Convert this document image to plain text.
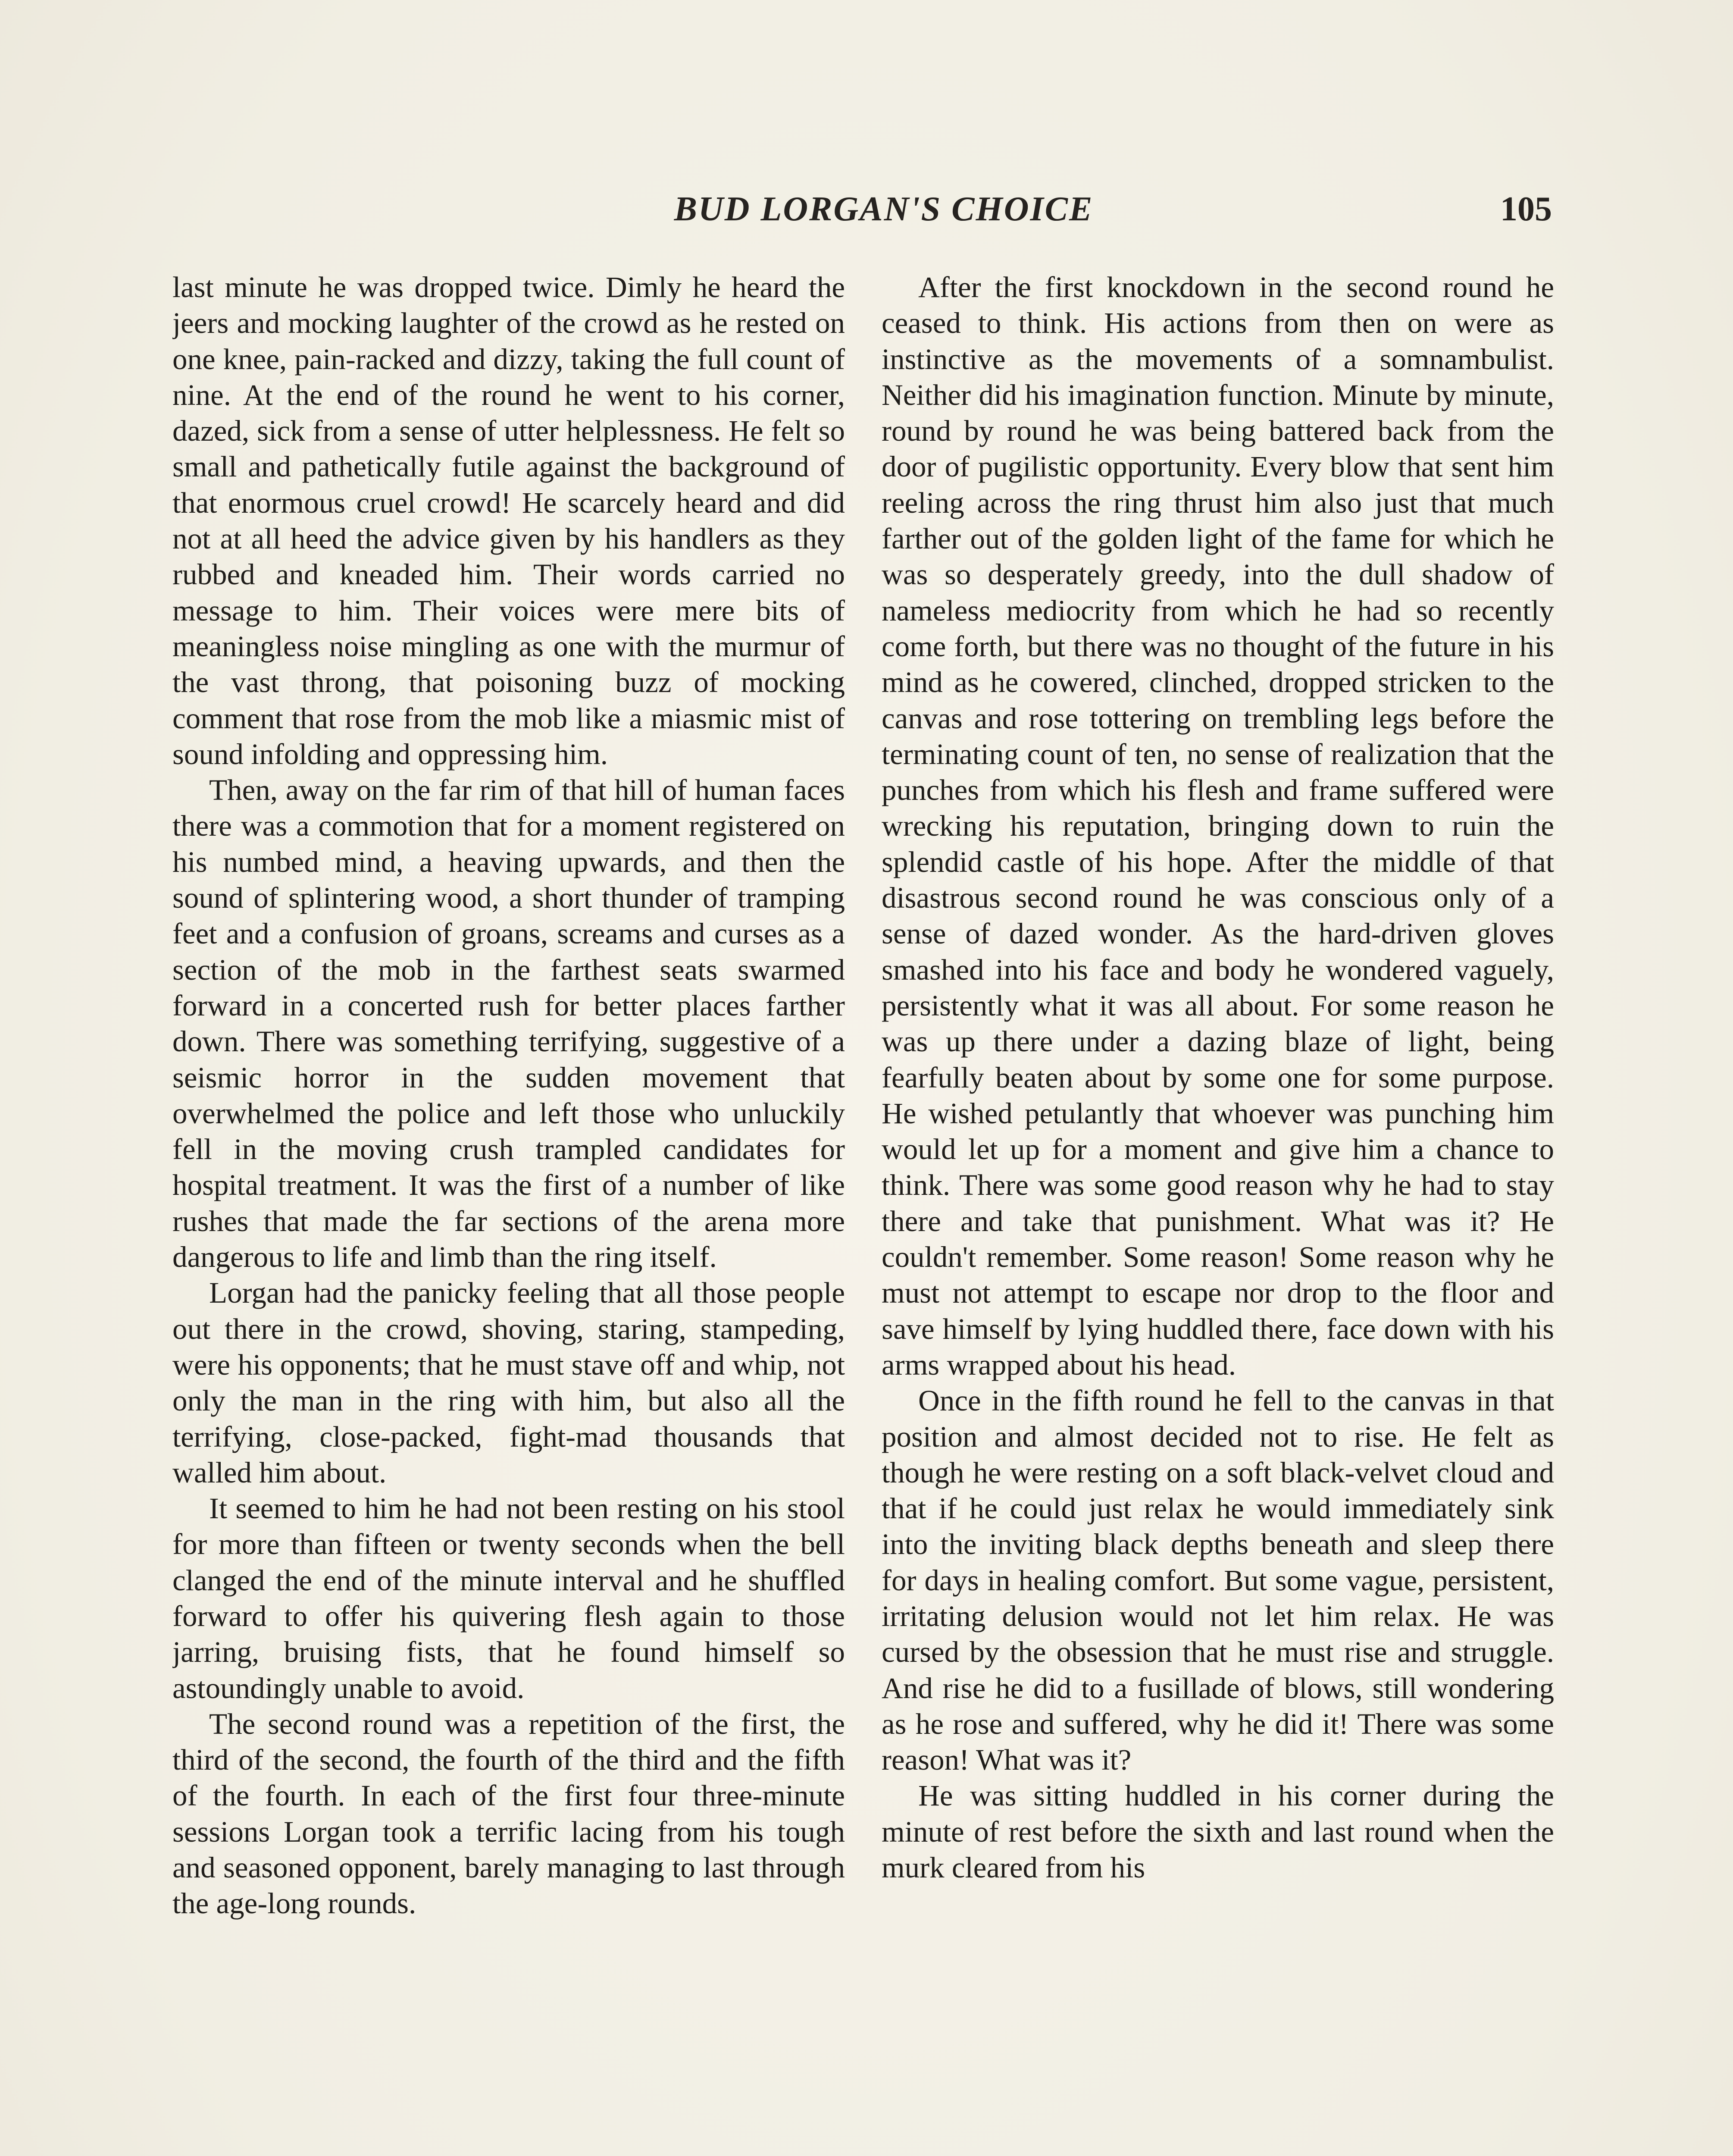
BUD LORGAN'S CHOICE	105

last minute he was dropped twice. Dimly he heard the jeers and mocking laughter of the crowd as he rested on one knee, pain-racked and dizzy, taking the full count of nine. At the end of the round he went to his corner, dazed, sick from a sense of utter helplessness. He felt so small and pathetically futile against the background of that enormous cruel crowd! He scarcely heard and did not at all heed the advice given by his handlers as they rubbed and kneaded him. Their words carried no message to him. Their voices were mere bits of meaningless noise mingling as one with the murmur of the vast throng, that poisoning buzz of mocking comment that rose from the mob like a miasmic mist of sound infolding and oppressing him.

Then, away on the far rim of that hill of human faces there was a commotion that for a moment registered on his numbed mind, a heaving upwards, and then the sound of splintering wood, a short thunder of tramping feet and a confusion of groans, screams and curses as a section of the mob in the farthest seats swarmed forward in a concerted rush for better places farther down. There was something terrifying, suggestive of a seismic horror in the sudden movement that overwhelmed the police and left those who unluckily fell in the moving crush trampled candidates for hospital treatment. It was the first of a number of like rushes that made the far sections of the arena more dangerous to life and limb than the ring itself.

Lorgan had the panicky feeling that all those people out there in the crowd, shoving, staring, stampeding, were his opponents; that he must stave off and whip, not only the man in the ring with him, but also all the terrifying, close-packed, fight-mad thousands that walled him about.

It seemed to him he had not been resting on his stool for more than fifteen or twenty seconds when the bell clanged the end of the minute interval and he shuffled forward to offer his quivering flesh again to those jarring, bruising fists, that he found himself so astoundingly unable to avoid.

The second round was a repetition of the first, the third of the second, the fourth of the third and the fifth of the fourth. In each of the first four three-minute sessions Lorgan took a terrific lacing from his tough and seasoned opponent, barely managing to last through the age-long rounds.

After the first knockdown in the second round he ceased to think. His actions from then on were as instinctive as the movements of a somnambulist. Neither did his imagination function. Minute by minute, round by round he was being battered back from the door of pugilistic opportunity. Every blow that sent him reeling across the ring thrust him also just that much farther out of the golden light of the fame for which he was so desperately greedy, into the dull shadow of nameless mediocrity from which he had so recently come forth, but there was no thought of the future in his mind as he cowered, clinched, dropped stricken to the canvas and rose tottering on trembling legs before the terminating count of ten, no sense of realization that the punches from which his flesh and frame suffered were wrecking his reputation, bringing down to ruin the splendid castle of his hope. After the middle of that disastrous second round he was conscious only of a sense of dazed wonder. As the hard-driven gloves smashed into his face and body he wondered vaguely, persistently what it was all about. For some reason he was up there under a dazing blaze of light, being fearfully beaten about by some one for some purpose. He wished petulantly that whoever was punching him would let up for a moment and give him a chance to think. There was some good reason why he had to stay there and take that punishment. What was it? He couldn't remember. Some reason! Some reason why he must not attempt to escape nor drop to the floor and save himself by lying huddled there, face down with his arms wrapped about his head.

Once in the fifth round he fell to the canvas in that position and almost decided not to rise. He felt as though he were resting on a soft black-velvet cloud and that if he could just relax he would immediately sink into the inviting black depths beneath and sleep there for days in healing comfort. But some vague, persistent, irritating delusion would not let him relax. He was cursed by the obsession that he must rise and struggle. And rise he did to a fusillade of blows, still wondering as he rose and suffered, why he did it! There was some reason! What was it?

He was sitting huddled in his corner during the minute of rest before the sixth and last round when the murk cleared from his
